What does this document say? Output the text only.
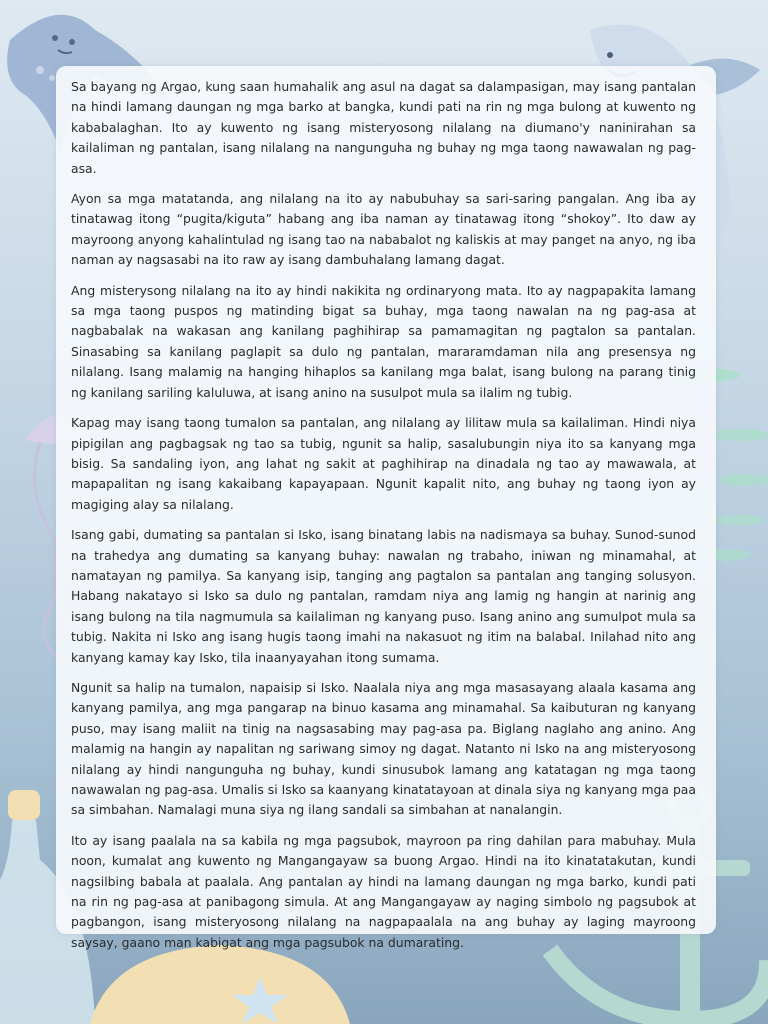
Sa bayang ng Argao, kung saan humahalik ang asul na dagat sa dalampasigan, may isang pantalan na hindi lamang daungan ng mga barko at bangka, kundi pati na rin ng mga bulong at kuwento ng kababalaghan. Ito ay kuwento ng isang misteryosong nilalang na diumano'y naninirahan sa kailaliman ng pantalan, isang nilalang na nangunguha ng buhay ng mga taong nawawalan ng pag-asa.

Ayon sa mga matatanda, ang nilalang na ito ay nabubuhay sa sari-saring pangalan. Ang iba ay tinatawag itong “pugita/kiguta” habang ang iba naman ay tinatawag itong “shokoy”. Ito daw ay mayroong anyong kahalintulad ng isang tao na nababalot ng kaliskis at may panget na anyo, ng iba naman ay nagsasabi na ito raw ay isang dambuhalang lamang dagat.

Ang misterysong nilalang na ito ay hindi nakikita ng ordinaryong mata. Ito ay nagpapakita lamang sa mga taong puspos ng matinding bigat sa buhay, mga taong nawalan na ng pag-asa at nagbabalak na wakasan ang kanilang paghihirap sa pamamagitan ng pagtalon sa pantalan. Sinasabing sa kanilang paglapit sa dulo ng pantalan, mararamdaman nila ang presensya ng nilalang. Isang malamig na hanging hihaplos sa kanilang mga balat, isang bulong na parang tinig ng kanilang sariling kaluluwa, at isang anino na susulpot mula sa ilalim ng tubig.

Kapag may isang taong tumalon sa pantalan, ang nilalang ay lilitaw mula sa kailaliman. Hindi niya pipigilan ang pagbagsak ng tao sa tubig, ngunit sa halip, sasalubungin niya ito sa kanyang mga bisig. Sa sandaling iyon, ang lahat ng sakit at paghihirap na dinadala ng tao ay mawawala, at mapapalitan ng isang kakaibang kapayapaan. Ngunit kapalit nito, ang buhay ng taong iyon ay magiging alay sa nilalang.

Isang gabi, dumating sa pantalan si Isko, isang binatang labis na nadismaya sa buhay. Sunod-sunod na trahedya ang dumating sa kanyang buhay: nawalan ng trabaho, iniwan ng minamahal, at namatayan ng pamilya. Sa kanyang isip, tanging ang pagtalon sa pantalan ang tanging solusyon. Habang nakatayo si Isko sa dulo ng pantalan, ramdam niya ang lamig ng hangin at narinig ang isang bulong na tila nagmumula sa kailaliman ng kanyang puso. Isang anino ang sumulpot mula sa tubig. Nakita ni Isko ang isang hugis taong imahi na nakasuot ng itim na balabal. Inilahad nito ang kanyang kamay kay Isko, tila inaanyayahan itong sumama.

Ngunit sa halip na tumalon, napaisip si Isko. Naalala niya ang mga masasayang alaala kasama ang kanyang pamilya, ang mga pangarap na binuo kasama ang minamahal. Sa kaibuturan ng kanyang puso, may isang maliit na tinig na nagsasabing may pag-asa pa. Biglang naglaho ang anino. Ang malamig na hangin ay napalitan ng sariwang simoy ng dagat. Natanto ni Isko na ang misteryosong nilalang ay hindi nangunguha ng buhay, kundi sinusubok lamang ang katatagan ng mga taong nawawalan ng pag-asa. Umalis si Isko sa kaanyang kinatatayoan at dinala siya ng kanyang mga paa sa simbahan. Namalagi muna siya ng ilang sandali sa simbahan at nanalangin.

Ito ay isang paalala na sa kabila ng mga pagsubok, mayroon pa ring dahilan para mabuhay. Mula noon, kumalat ang kuwento ng Mangangayaw sa buong Argao. Hindi na ito kinatatakutan, kundi nagsilbing babala at paalala. Ang pantalan ay hindi na lamang daungan ng mga barko, kundi pati na rin ng pag-asa at panibagong simula. At ang Mangangayaw ay naging simbolo ng pagsubok at pagbangon, isang misteryosong nilalang na nagpapaalala na ang buhay ay laging mayroong saysay, gaano man kabigat ang mga pagsubok na dumarating.
